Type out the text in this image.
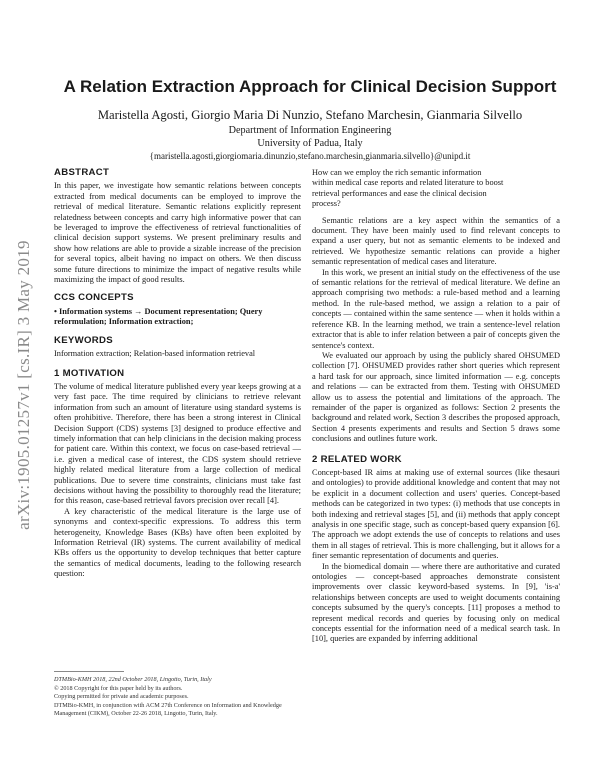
arXiv:1905.01257v1 [cs.IR] 3 May 2019
A Relation Extraction Approach for Clinical Decision Support
Maristella Agosti, Giorgio Maria Di Nunzio, Stefano Marchesin, Gianmaria Silvello
Department of Information Engineering
University of Padua, Italy
{maristella.agosti,giorgiomaria.dinunzio,stefano.marchesin,gianmaria.silvello}@unipd.it
ABSTRACT

In this paper, we investigate how semantic relations between concepts extracted from medical documents can be employed to improve the retrieval of medical literature. Semantic relations explicitly represent relatedness between concepts and carry high informative power that can be leveraged to improve the effectiveness of retrieval functionalities of clinical decision support systems. We present preliminary results and show how relations are able to provide a sizable increase of the precision for several topics, albeit having no impact on others. We then discuss some future directions to minimize the impact of negative results while maximizing the impact of good results.

CCS CONCEPTS

• Information systems → Document representation; Query reformulation; Information extraction;

KEYWORDS

Information extraction; Relation-based information retrieval

1 MOTIVATION

The volume of medical literature published every year keeps growing at a very fast pace. The time required by clinicians to retrieve relevant information from such an amount of literature using standard systems is often prohibitive. Therefore, there has been a strong interest in Clinical Decision Support (CDS) systems [3] designed to produce effective and timely information that can help clinicians in the decision making process for patient care. Within this context, we focus on case-based retrieval — i.e. given a medical case of interest, the CDS system should retrieve highly related medical literature from a large collection of medical publications. Due to severe time constraints, clinicians must take fast decisions without having the possibility to thoroughly read the literature; for this reason, case-based retrieval favors precision over recall [4].

A key characteristic of the medical literature is the large use of synonyms and context-specific expressions. To address this term heterogeneity, Knowledge Bases (KBs) have often been exploited by Information Retrieval (IR) systems. The current availability of medical KBs offers us the opportunity to develop techniques that better capture the semantics of medical documents, leading to the following research question:

DTMBio-KMH 2018, 22nd October 2018, Lingotto, Turin, Italy
© 2018 Copyright for this paper held by its authors.
Copying permitted for private and academic purposes.
DTMBio-KMH, in conjunction with ACM 27th Conference on Information and Knowledge Management (CIKM), October 22-26 2018, Lingotto, Turin, Italy.

How can we employ the rich semantic information within medical case reports and related literature to boost retrieval performances and ease the clinical decision process?

Semantic relations are a key aspect within the semantics of a document. They have been mainly used to find relevant concepts to expand a user query, but not as semantic elements to be indexed and retrieved. We hypothesize semantic relations can provide a higher semantic representation of medical cases and literature.

In this work, we present an initial study on the effectiveness of the use of semantic relations for the retrieval of medical literature. We define an approach comprising two methods: a rule-based method and a learning method. In the rule-based method, we assign a relation to a pair of concepts — contained within the same sentence — when it holds within a reference KB. In the learning method, we train a sentence-level relation extractor that is able to infer relation between a pair of concepts given the sentence's context.

We evaluated our approach by using the publicly shared OHSUMED collection [7]. OHSUMED provides rather short queries which represent a hard task for our approach, since limited information — e.g. concepts and relations — can be extracted from them. Testing with OHSUMED allow us to assess the potential and limitations of the approach. The remainder of the paper is organized as follows: Section 2 presents the background and related work, Section 3 describes the proposed approach, Section 4 presents experiments and results and Section 5 draws some conclusions and outlines future work.

2 RELATED WORK

Concept-based IR aims at making use of external sources (like thesauri and ontologies) to provide additional knowledge and content that may not be explicit in a document collection and users' queries. Concept-based methods can be categorized in two types: (i) methods that use concepts in both indexing and retrieval stages [5], and (ii) methods that apply concept analysis in one specific stage, such as concept-based query expansion [6]. The approach we adopt extends the use of concepts to relations and uses them in all stages of retrieval. This is more challenging, but it allows for a finer semantic representation of documents and queries.

In the biomedical domain — where there are authoritative and curated ontologies — concept-based approaches demonstrate consistent improvements over classic keyword-based systems. In [9], 'is-a' relationships between concepts are used to weight documents containing concepts subsumed by the query's concepts. [11] proposes a method to represent medical records and queries by focusing only on medical concepts essential for the information need of a medical search task. In [10], queries are expanded by inferring additional
